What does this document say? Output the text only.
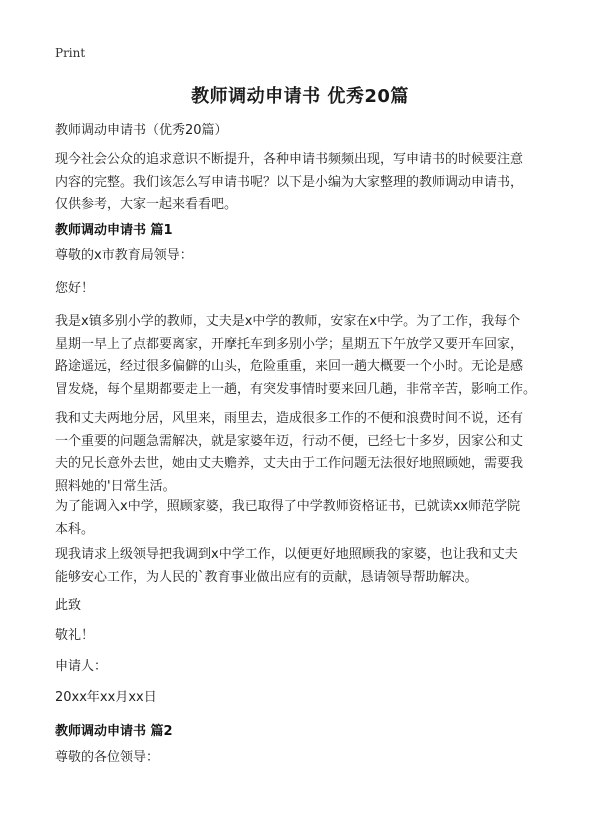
Print
教师调动申请书 优秀20篇

教师调动申请书（优秀20篇）

现今社会公众的追求意识不断提升，各种申请书频频出现，写申请书的时候要注意
内容的完整。我们该怎么写申请书呢？以下是小编为大家整理的教师调动申请书，
仅供参考，大家一起来看看吧。

教师调动申请书 篇1

尊敬的x市教育局领导：

您好！

我是x镇多别小学的教师，丈夫是x中学的教师，安家在x中学。为了工作，我每个
星期一早上了点都要离家，开摩托车到多别小学；星期五下午放学又要开车回家，
路途遥远，经过很多偏僻的山头，危险重重，来回一趟大概要一个小时。无论是感
冒发烧，每个星期都要走上一趟，有突发事情时要来回几趟，非常辛苦，影响工作。

我和丈夫两地分居，风里来，雨里去，造成很多工作的不便和浪费时间不说，还有
一个重要的问题急需解决，就是家婆年迈，行动不便，已经七十多岁，因家公和丈
夫的兄长意外去世，她由丈夫赡养，丈夫由于工作问题无法很好地照顾她，需要我
照料她的'日常生活。

为了能调入x中学，照顾家婆，我已取得了中学教师资格证书，已就读xx师范学院
本科。

现我请求上级领导把我调到x中学工作，以便更好地照顾我的家婆，也让我和丈夫
能够安心工作，为人民的`教育事业做出应有的贡献，恳请领导帮助解决。

此致

敬礼！

申请人：

20xx年xx月xx日

教师调动申请书 篇2

尊敬的各位领导：
